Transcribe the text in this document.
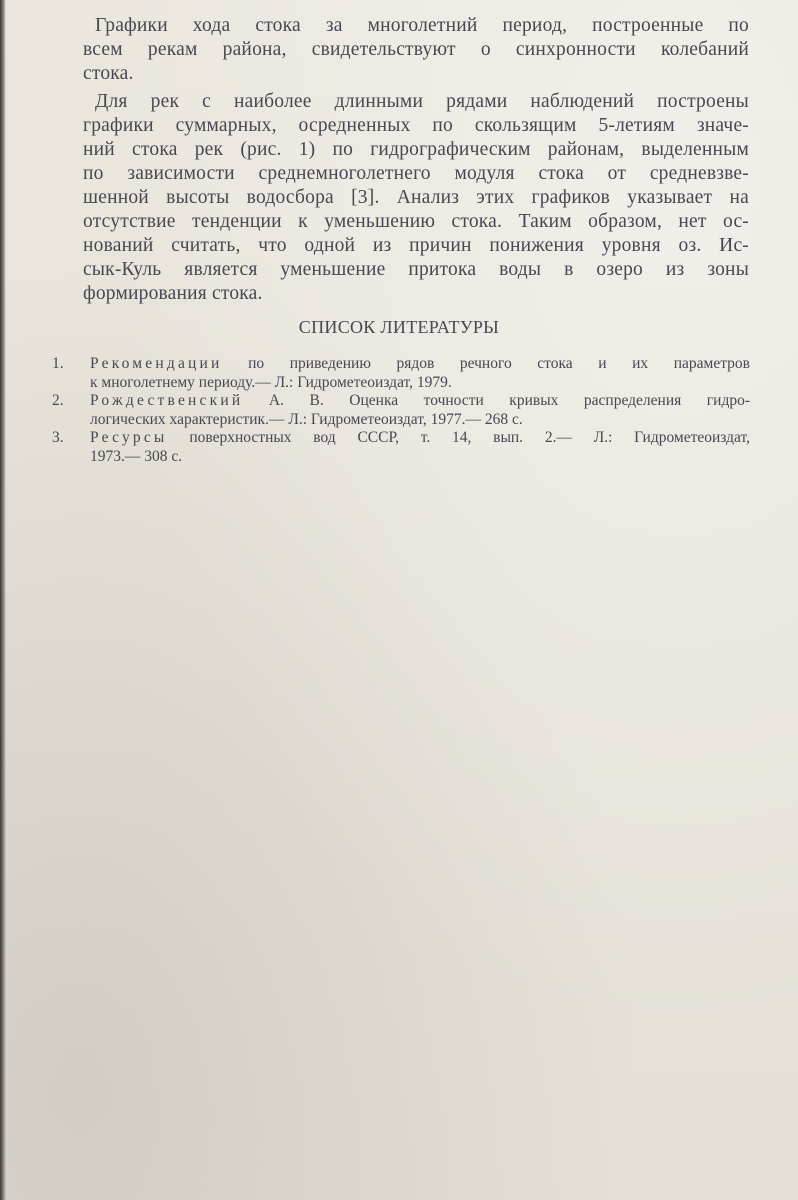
Графики хода стока за многолетний период, построенные по
всем рекам района, свидетельствуют о синхронности колебаний
стока.

Для рек с наиболее длинными рядами наблюдений построены
графики суммарных, осредненных по скользящим 5-летиям значе-
ний стока рек (рис. 1) по гидрографическим районам, выделенным
по зависимости среднемноголетнего модуля стока от средневзве-
шенной высоты водосбора [3]. Анализ этих графиков указывает на
отсутствие тенденции к уменьшению стока. Таким образом, нет ос-
нований считать, что одной из причин понижения уровня оз. Ис-
сык-Куль является уменьшение притока воды в озеро из зоны
формирования стока.

СПИСОК ЛИТЕРАТУРЫ
1. Рекомендации по приведению рядов речного стока и их параметров
к многолетнему периоду.— Л.: Гидрометеоиздат, 1979.
2. Рождественский А. В. Оценка точности кривых распределения гидро-
логических характеристик.— Л.: Гидрометеоиздат, 1977.— 268 с.
3. Ресурсы поверхностных вод СССР, т. 14, вып. 2.— Л.: Гидрометеоиздат,
1973.— 308 с.
